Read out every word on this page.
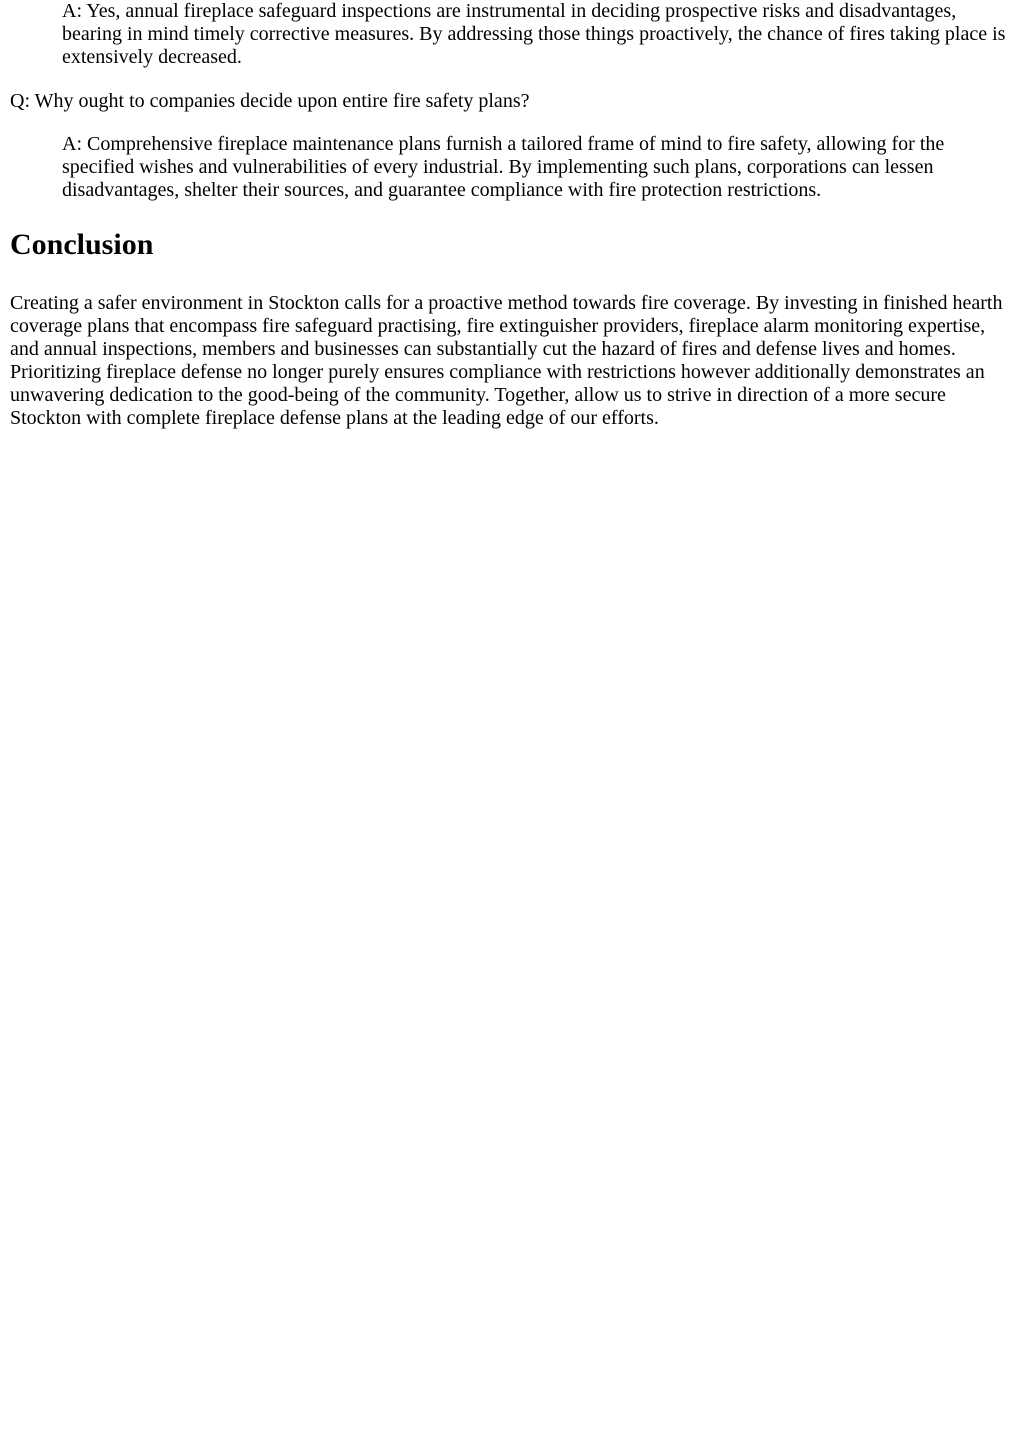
A: Yes, annual fireplace safeguard inspections are instrumental in deciding prospective risks and disadvantages, bearing in mind timely corrective measures. By addressing those things proactively, the chance of fires taking place is extensively decreased.

Q: Why ought to companies decide upon entire fire safety plans?

A: Comprehensive fireplace maintenance plans furnish a tailored frame of mind to fire safety, allowing for the specified wishes and vulnerabilities of every industrial. By implementing such plans, corporations can lessen disadvantages, shelter their sources, and guarantee compliance with fire protection restrictions.

Conclusion

Creating a safer environment in Stockton calls for a proactive method towards fire coverage. By investing in finished hearth coverage plans that encompass fire safeguard practising, fire extinguisher providers, fireplace alarm monitoring expertise, and annual inspections, members and businesses can substantially cut the hazard of fires and defense lives and homes. Prioritizing fireplace defense no longer purely ensures compliance with restrictions however additionally demonstrates an unwavering dedication to the good-being of the community. Together, allow us to strive in direction of a more secure Stockton with complete fireplace defense plans at the leading edge of our efforts.
